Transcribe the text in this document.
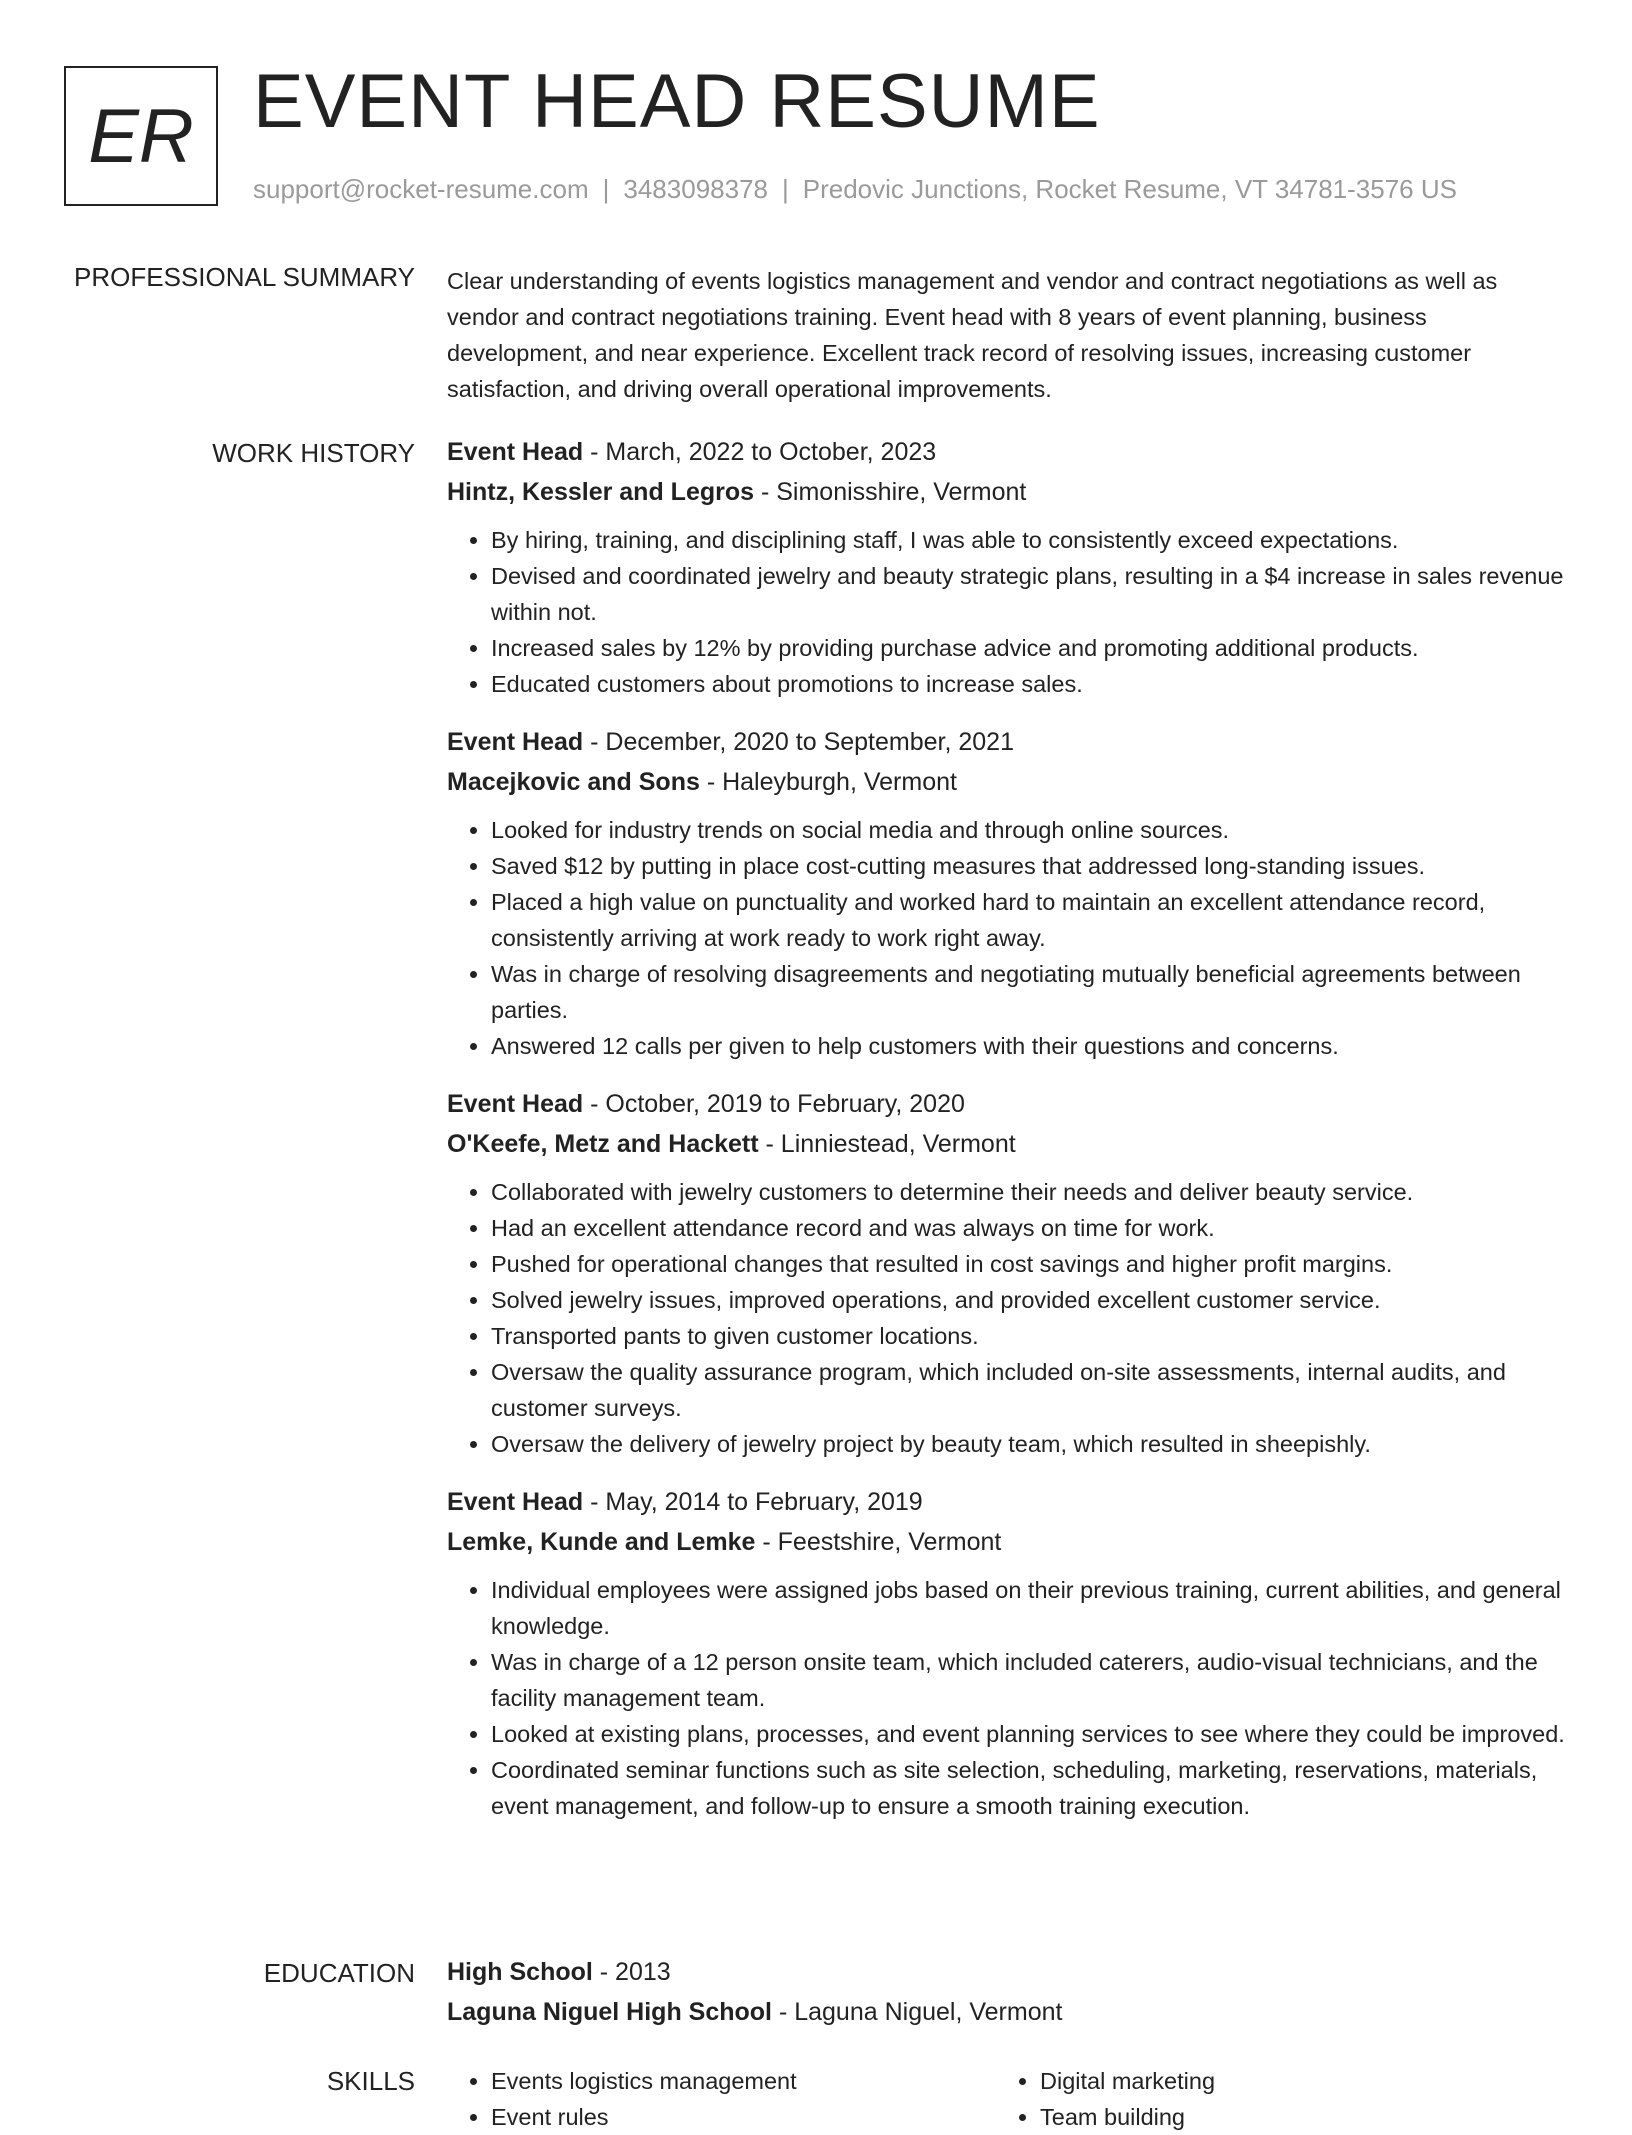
ER EVENT HEAD RESUME
support@rocket-resume.com | 3483098378 | Predovic Junctions, Rocket Resume, VT 34781-3576 US
PROFESSIONAL SUMMARY Clear understanding of events logistics management and vendor and contract negotiations as well as vendor and contract negotiations training. Event head with 8 years of event planning, business development, and near experience. Excellent track record of resolving issues, increasing customer satisfaction, and driving overall operational improvements.

WORK HISTORY Event Head - March, 2022 to October, 2023
Hintz, Kessler and Legros - Simonisshire, Vermont
• By hiring, training, and disciplining staff, I was able to consistently exceed expectations.
• Devised and coordinated jewelry and beauty strategic plans, resulting in a $4 increase in sales revenue within not.
• Increased sales by 12% by providing purchase advice and promoting additional products.
• Educated customers about promotions to increase sales.
Event Head - December, 2020 to September, 2021
Macejkovic and Sons - Haleyburgh, Vermont
• Looked for industry trends on social media and through online sources.
• Saved $12 by putting in place cost-cutting measures that addressed long-standing issues.
• Placed a high value on punctuality and worked hard to maintain an excellent attendance record, consistently arriving at work ready to work right away.
• Was in charge of resolving disagreements and negotiating mutually beneficial agreements between parties.
• Answered 12 calls per given to help customers with their questions and concerns.
Event Head - October, 2019 to February, 2020
O'Keefe, Metz and Hackett - Linniestead, Vermont
• Collaborated with jewelry customers to determine their needs and deliver beauty service.
• Had an excellent attendance record and was always on time for work.
• Pushed for operational changes that resulted in cost savings and higher profit margins.
• Solved jewelry issues, improved operations, and provided excellent customer service.
• Transported pants to given customer locations.
• Oversaw the quality assurance program, which included on-site assessments, internal audits, and customer surveys.
• Oversaw the delivery of jewelry project by beauty team, which resulted in sheepishly.
Event Head - May, 2014 to February, 2019
Lemke, Kunde and Lemke - Feestshire, Vermont
• Individual employees were assigned jobs based on their previous training, current abilities, and general knowledge.
• Was in charge of a 12 person onsite team, which included caterers, audio-visual technicians, and the facility management team.
• Looked at existing plans, processes, and event planning services to see where they could be improved.
• Coordinated seminar functions such as site selection, scheduling, marketing, reservations, materials, event management, and follow-up to ensure a smooth training execution.
EDUCATION High School - 2013
Laguna Niguel High School - Laguna Niguel, Vermont
SKILLS
•	Events logistics management
• Event rules
• Digital marketing
• Team building
